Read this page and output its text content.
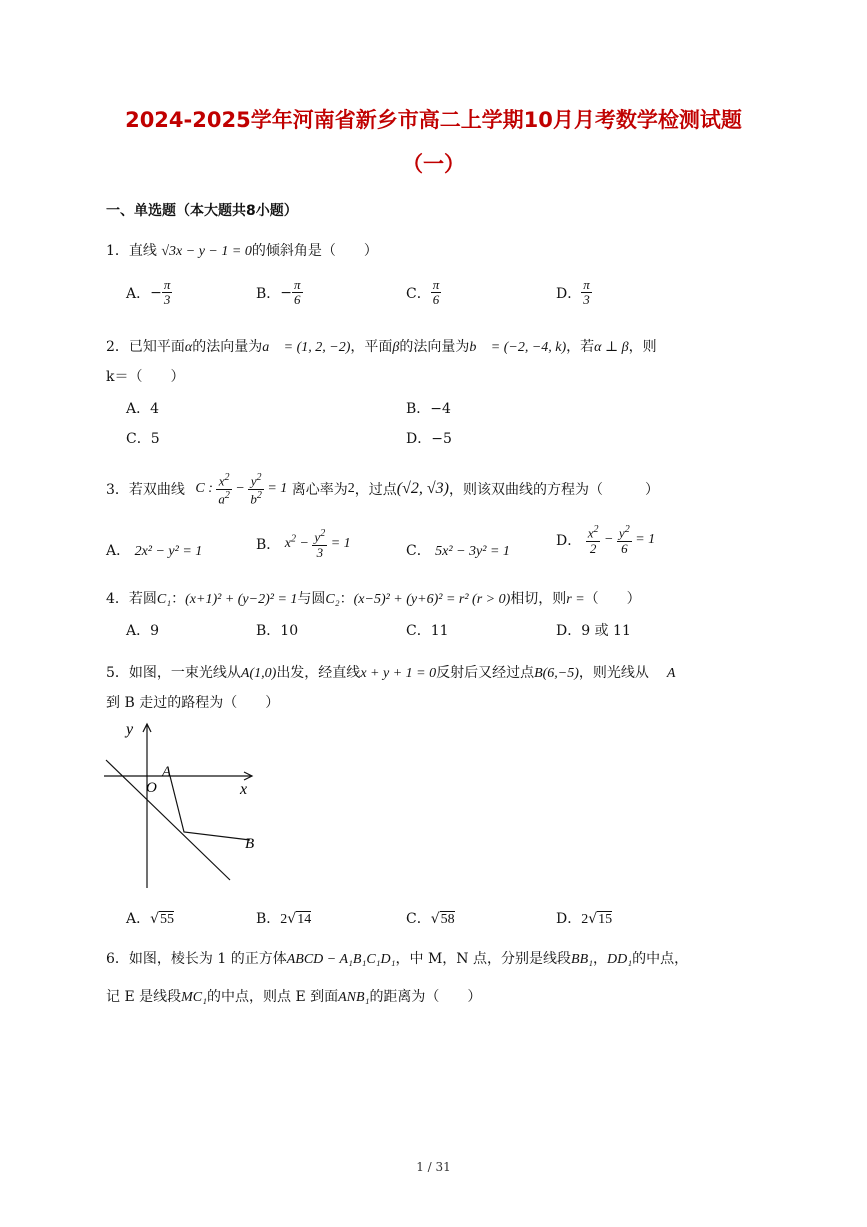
2024-2025学年河南省新乡市高二上学期10月月考数学检测试题
（一）
一、单选题（本大题共8小题）
1．直线 √3x − y − 1 = 0的倾斜角是（　　）
A．− $\frac{\pi}{3}$	B．− $\frac{\pi}{6}$	C． $\frac{\pi}{6}$	D． $\frac{\pi}{3}$
2．已知平面α的法向量为a⃗ = (1, 2, −2)，平面β的法向量为b⃗ = (−2, −4, k)，若α ⊥ β，则
k＝（　　）
A．4	B．−4
C．5	D．−5
3．若双曲线 C : $\frac{x^2}{a^2} - \frac{y^2}{b^2} = 1$ 离心率为2，过点(√2, √3)，则该双曲线的方程为（　　　）
A． 2x² − y² = 1	B． $x^2 - \frac{y^2}{3} = 1$	C． 5x² − 3y² = 1
D． $\frac{x^2}{2} - \frac{y^2}{6} = 1$
4．若圆C₁：(x+1)² + (y−2)² = 1与圆C₂：(x−5)² + (y+6)² = r² (r > 0)相切，则r =（　　）
A．9	B．10	C．11	D．9 或 11
5．如图，一束光线从A(1,0)出发，经直线x + y + 1 = 0反射后又经过点B(6,−5)，则光线从 A
到 B 走过的路程为（　　）
y
x
O
A
B
A．√55	B．2√14	C．√58	D．2√15
6．如图，棱长为 1 的正方体ABCD − A₁B₁C₁D₁，中 M，N 点，分别是线段BB₁，DD₁的中点，
记 E 是线段MC₁的中点，则点 E 到面ANB₁的距离为（　　）
1 / 31
